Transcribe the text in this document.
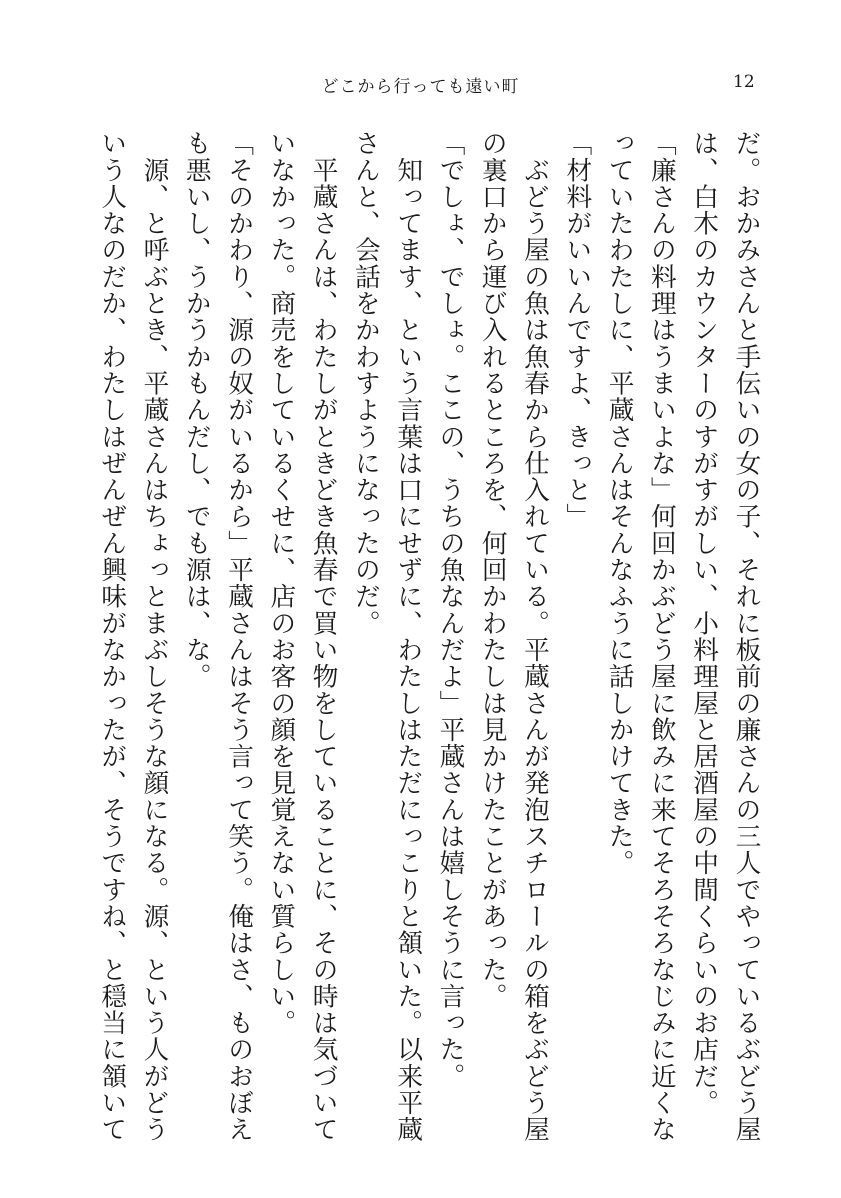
どこから行っても遠い町	12
だ。おかみさんと手伝いの女の子、それに板前の廉さんの三人でやっているぶどう屋
は、白木のカウンターのすがすがしい、小料理屋と居酒屋の中間くらいのお店だ。
「廉さんの料理はうまいよな」何回かぶどう屋に飲みに来てそろそろなじみに近くな
っていたわたしに、平蔵さんはそんなふうに話しかけてきた。
「材料がいいんですよ、きっと」
　ぶどう屋の魚は魚春から仕入れている。平蔵さんが発泡スチロールの箱をぶどう屋
の裏口から運び入れるところを、何回かわたしは見かけたことがあった。
「でしょ、でしょ。ここの、うちの魚なんだよ」平蔵さんは嬉しそうに言った。
　知ってます、という言葉は口にせずに、わたしはただにっこりと頷いた。以来平蔵
さんと、会話をかわすようになったのだ。
　平蔵さんは、わたしがときどき魚春で買い物をしていることに、その時は気づいて
いなかった。商売をしているくせに、店のお客の顔を見覚えない質らしい。
「そのかわり、源の奴がいるから」平蔵さんはそう言って笑う。俺はさ、ものおぼえ
も悪いし、うかうかもんだし、でも源は、な。
　源、と呼ぶとき、平蔵さんはちょっとまぶしそうな顔になる。源、という人がどう
いう人なのだか、わたしはぜんぜん興味がなかったが、そうですね、と穏当に頷いて
